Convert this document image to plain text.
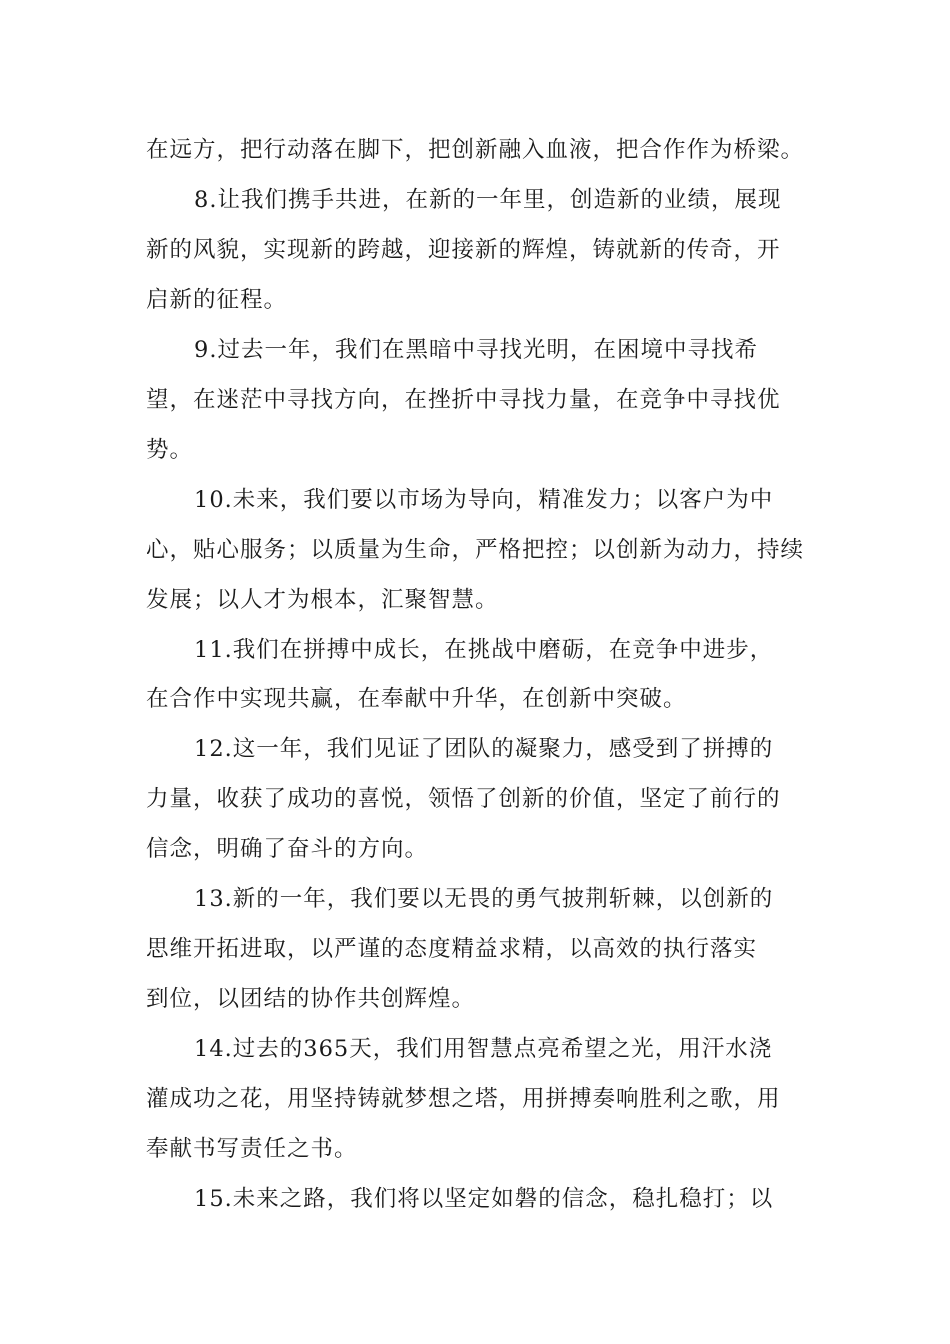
在远方，把行动落在脚下，把创新融入血液，把合作作为桥梁。
8.让我们携手共进，在新的一年里，创造新的业绩，展现
新的风貌，实现新的跨越，迎接新的辉煌，铸就新的传奇，开
启新的征程。
9.过去一年，我们在黑暗中寻找光明，在困境中寻找希
望，在迷茫中寻找方向，在挫折中寻找力量，在竞争中寻找优
势。
10.未来，我们要以市场为导向，精准发力；以客户为中
心，贴心服务；以质量为生命，严格把控；以创新为动力，持续
发展；以人才为根本，汇聚智慧。
11.我们在拼搏中成长，在挑战中磨砺，在竞争中进步，
在合作中实现共赢，在奉献中升华，在创新中突破。
12.这一年，我们见证了团队的凝聚力，感受到了拼搏的
力量，收获了成功的喜悦，领悟了创新的价值，坚定了前行的
信念，明确了奋斗的方向。
13.新的一年，我们要以无畏的勇气披荆斩棘，以创新的
思维开拓进取，以严谨的态度精益求精，以高效的执行落实
到位，以团结的协作共创辉煌。
14.过去的365天，我们用智慧点亮希望之光，用汗水浇
灌成功之花，用坚持铸就梦想之塔，用拼搏奏响胜利之歌，用
奉献书写责任之书。
15.未来之路，我们将以坚定如磐的信念，稳扎稳打；以
